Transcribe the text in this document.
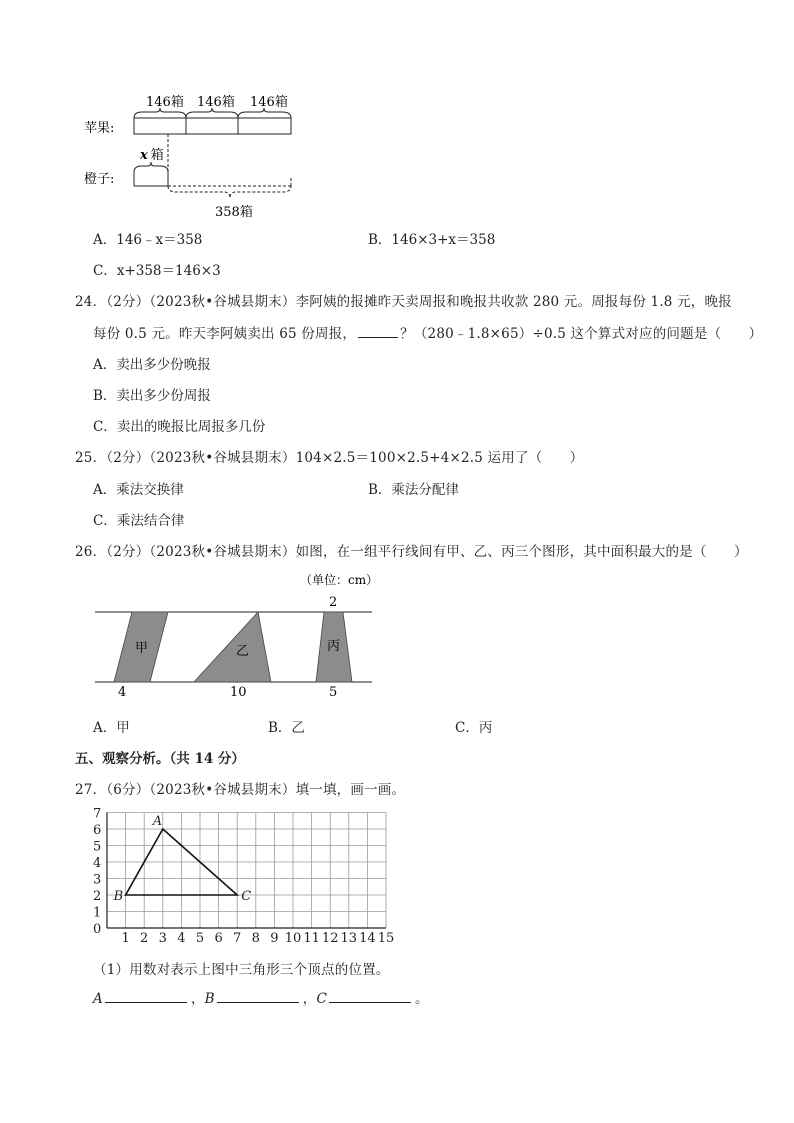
苹果:
橙子:
146箱 146箱 146箱
x 箱
358箱
A．146﹣x＝358	B．146×3+x＝358
C．x+358＝146×3
24．（2分）（2023秋•谷城县期末）李阿姨的报摊昨天卖周报和晚报共收款 280 元。周报每份 1.8 元，晚报
每份 0.5 元。昨天李阿姨卖出 65 份周报，	？（280﹣1.8×65）÷0.5 这个算式对应的问题是（　　）
A．卖出多少份晚报
B．卖出多少份周报
C．卖出的晚报比周报多几份
25．（2分）（2023秋•谷城县期末）104×2.5＝100×2.5+4×2.5 运用了（　　）
A．乘法交换律	B．乘法分配律
C．乘法结合律
26．（2分）（2023秋•谷城县期末）如图，在一组平行线间有甲、乙、丙三个图形，其中面积最大的是（　　）
（单位：cm）
2
甲	乙	丙
4	10	5
A．甲	B．乙	C．丙
五、观察分析。（共 14 分）
27．（6分）（2023秋•谷城县期末）填一填，画一画。
1 2 3 4 5 6 7 8 9 10 11 12 13 14 15
0
1
2
3
4
5
6
7	A
B	C
（1）用数对表示上图中三角形三个顶点的位置。
A	，B	，C	。
